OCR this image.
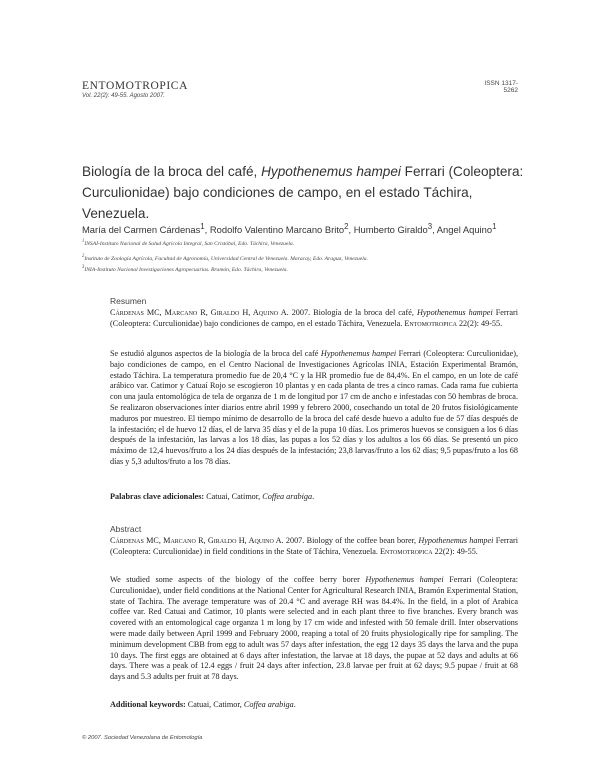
ENTOMOTROPICA
Vol. 22(2): 49-55. Agosto 2007.
ISSN 1317-5262
Biología de la broca del café, Hypothenemus hampei Ferrari (Coleoptera: Curculionidae) bajo condiciones de campo, en el estado Táchira, Venezuela.
María del Carmen Cárdenas$^1$, Rodolfo Valentino Marcano Brito$^2$, Humberto Giraldo$^3$, Angel Aquino$^1$
$^1$INSAI-Instituto Nacional de Salud Agrícola Integral, San Cristóbal, Edo. Táchira, Venezuela.
$^2$Instituto de Zoología Agrícola, Facultad de Agronomía, Universidad Central de Venezuela. Maracay, Edo. Aragua, Venezuela.
$^3$INIA-Instituto Nacional Investigaciones Agropecuarias. Bramón, Edo. Táchira, Venezuela.
Resumen
Cárdenas MC, Marcano R, Giraldo H, Aquino A. 2007. Biología de la broca del café, Hypothenemus hampei Ferrari (Coleoptera: Curculionidae) bajo condiciones de campo, en el estado Táchira, Venezuela. Entomotropica 22(2): 49-55.
Se estudió algunos aspectos de la biología de la broca del café Hypothenemus hampei Ferrari (Coleoptera: Curculionidae), bajo condiciones de campo, en el Centro Nacional de Investigaciones Agrícolas INIA, Estación Experimental Bramón, estado Táchira. La temperatura promedio fue de 20,4 °C y la HR promedio fue de 84,4%. En el campo, en un lote de café arábico var. Catimor y Catuaí Rojo se escogieron 10 plantas y en cada planta de tres a cinco ramas. Cada rama fue cubierta con una jaula entomológica de tela de organza de 1 m de longitud por 17 cm de ancho e infestadas con 50 hembras de broca. Se realizaron observaciones ínter diarios entre abril 1999 y febrero 2000, cosechando un total de 20 frutos fisiológicamente maduros por muestreo. El tiempo mínimo de desarrollo de la broca del café desde huevo a adulto fue de 57 días después de la infestación; el de huevo 12 días, el de larva 35 días y el de la pupa 10 días. Los primeros huevos se consiguen a los 6 días después de la infestación, las larvas a los 18 días, las pupas a los 52 días y los adultos a los 66 días. Se presentó un pico máximo de 12,4 huevos/fruto a los 24 días después de la infestación; 23,8 larvas/fruto a los 62 días; 9,5 pupas/fruto a los 68 días y 5,3 adultos/fruto a los 78 días.
Palabras clave adicionales: Catuai, Catimor, Coffea arabiga.
Abstract
Cárdenas MC, Marcano R, Giraldo H, Aquino A. 2007. Biology of the coffee bean borer, Hypothenemus hampei Ferrari (Coleoptera: Curculionidae) in field conditions in the State of Táchira, Venezuela. Entomotropica 22(2): 49-55.
We studied some aspects of the biology of the coffee berry borer Hypothenemus hampei Ferrari (Coleoptera: Curculionidae), under field conditions at the National Center for Agricultural Research INIA, Bramón Experimental Station, state of Tachira. The average temperature was of 20.4 °C and average RH was 84.4%. In the field, in a plot of Arabica coffee var. Red Catuai and Catimor, 10 plants were selected and in each plant three to five branches. Every branch was covered with an entomological cage organza 1 m long by 17 cm wide and infested with 50 female drill. Inter observations were made daily between April 1999 and February 2000, reaping a total of 20 fruits physiologically ripe for sampling. The minimum development CBB from egg to adult was 57 days after infestation, the egg 12 days 35 days the larva and the pupa 10 days. The first eggs are obtained at 6 days after infestation, the larvae at 18 days, the pupae at 52 days and adults at 66 days. There was a peak of 12.4 eggs / fruit 24 days after infection, 23.8 larvae per fruit at 62 days; 9.5 pupae / fruit at 68 days and 5.3 adults per fruit at 78 days.
Additional keywords: Catuai, Catimor, Coffea arabiga.
© 2007. Sociedad Venezolana de Entomología
